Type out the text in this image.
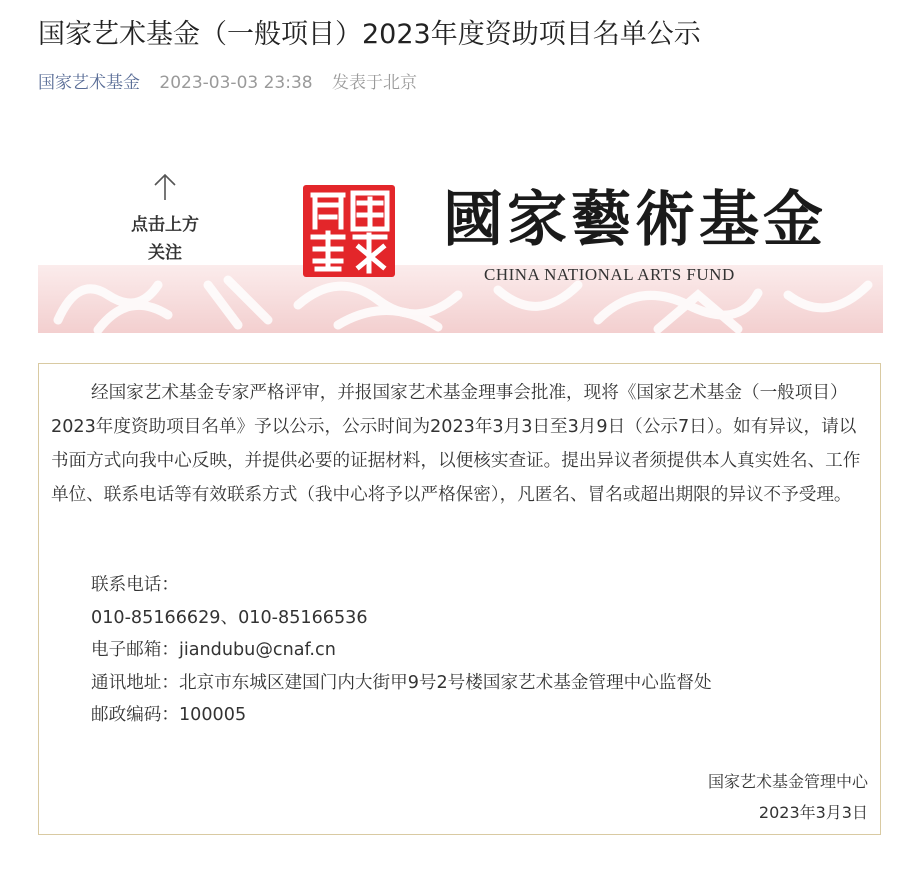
国家艺术基金（一般项目）2023年度资助项目名单公示
国家艺术基金 2023-03-03 23:38 发表于北京
点击上方
关注	國家藝術基金
CHINA NATIONAL ARTS FUND

经国家艺术基金专家严格评审，并报国家艺术基金理事会批准，现将《国家艺术基金（一般项目）2023年度资助项目名单》予以公示，公示时间为2023年3月3日至3月9日（公示7日）。如有异议，请以书面方式向我中心反映，并提供必要的证据材料，以便核实查证。提出异议者须提供本人真实姓名、工作单位、联系电话等有效联系方式（我中心将予以严格保密），凡匿名、冒名或超出期限的异议不予受理。

联系电话：
010-85166629、010-85166536
电子邮箱：jiandubu@cnaf.cn
通讯地址：北京市东城区建国门内大街甲9号2号楼国家艺术基金管理中心监督处
邮政编码：100005
国家艺术基金管理中心
2023年3月3日
